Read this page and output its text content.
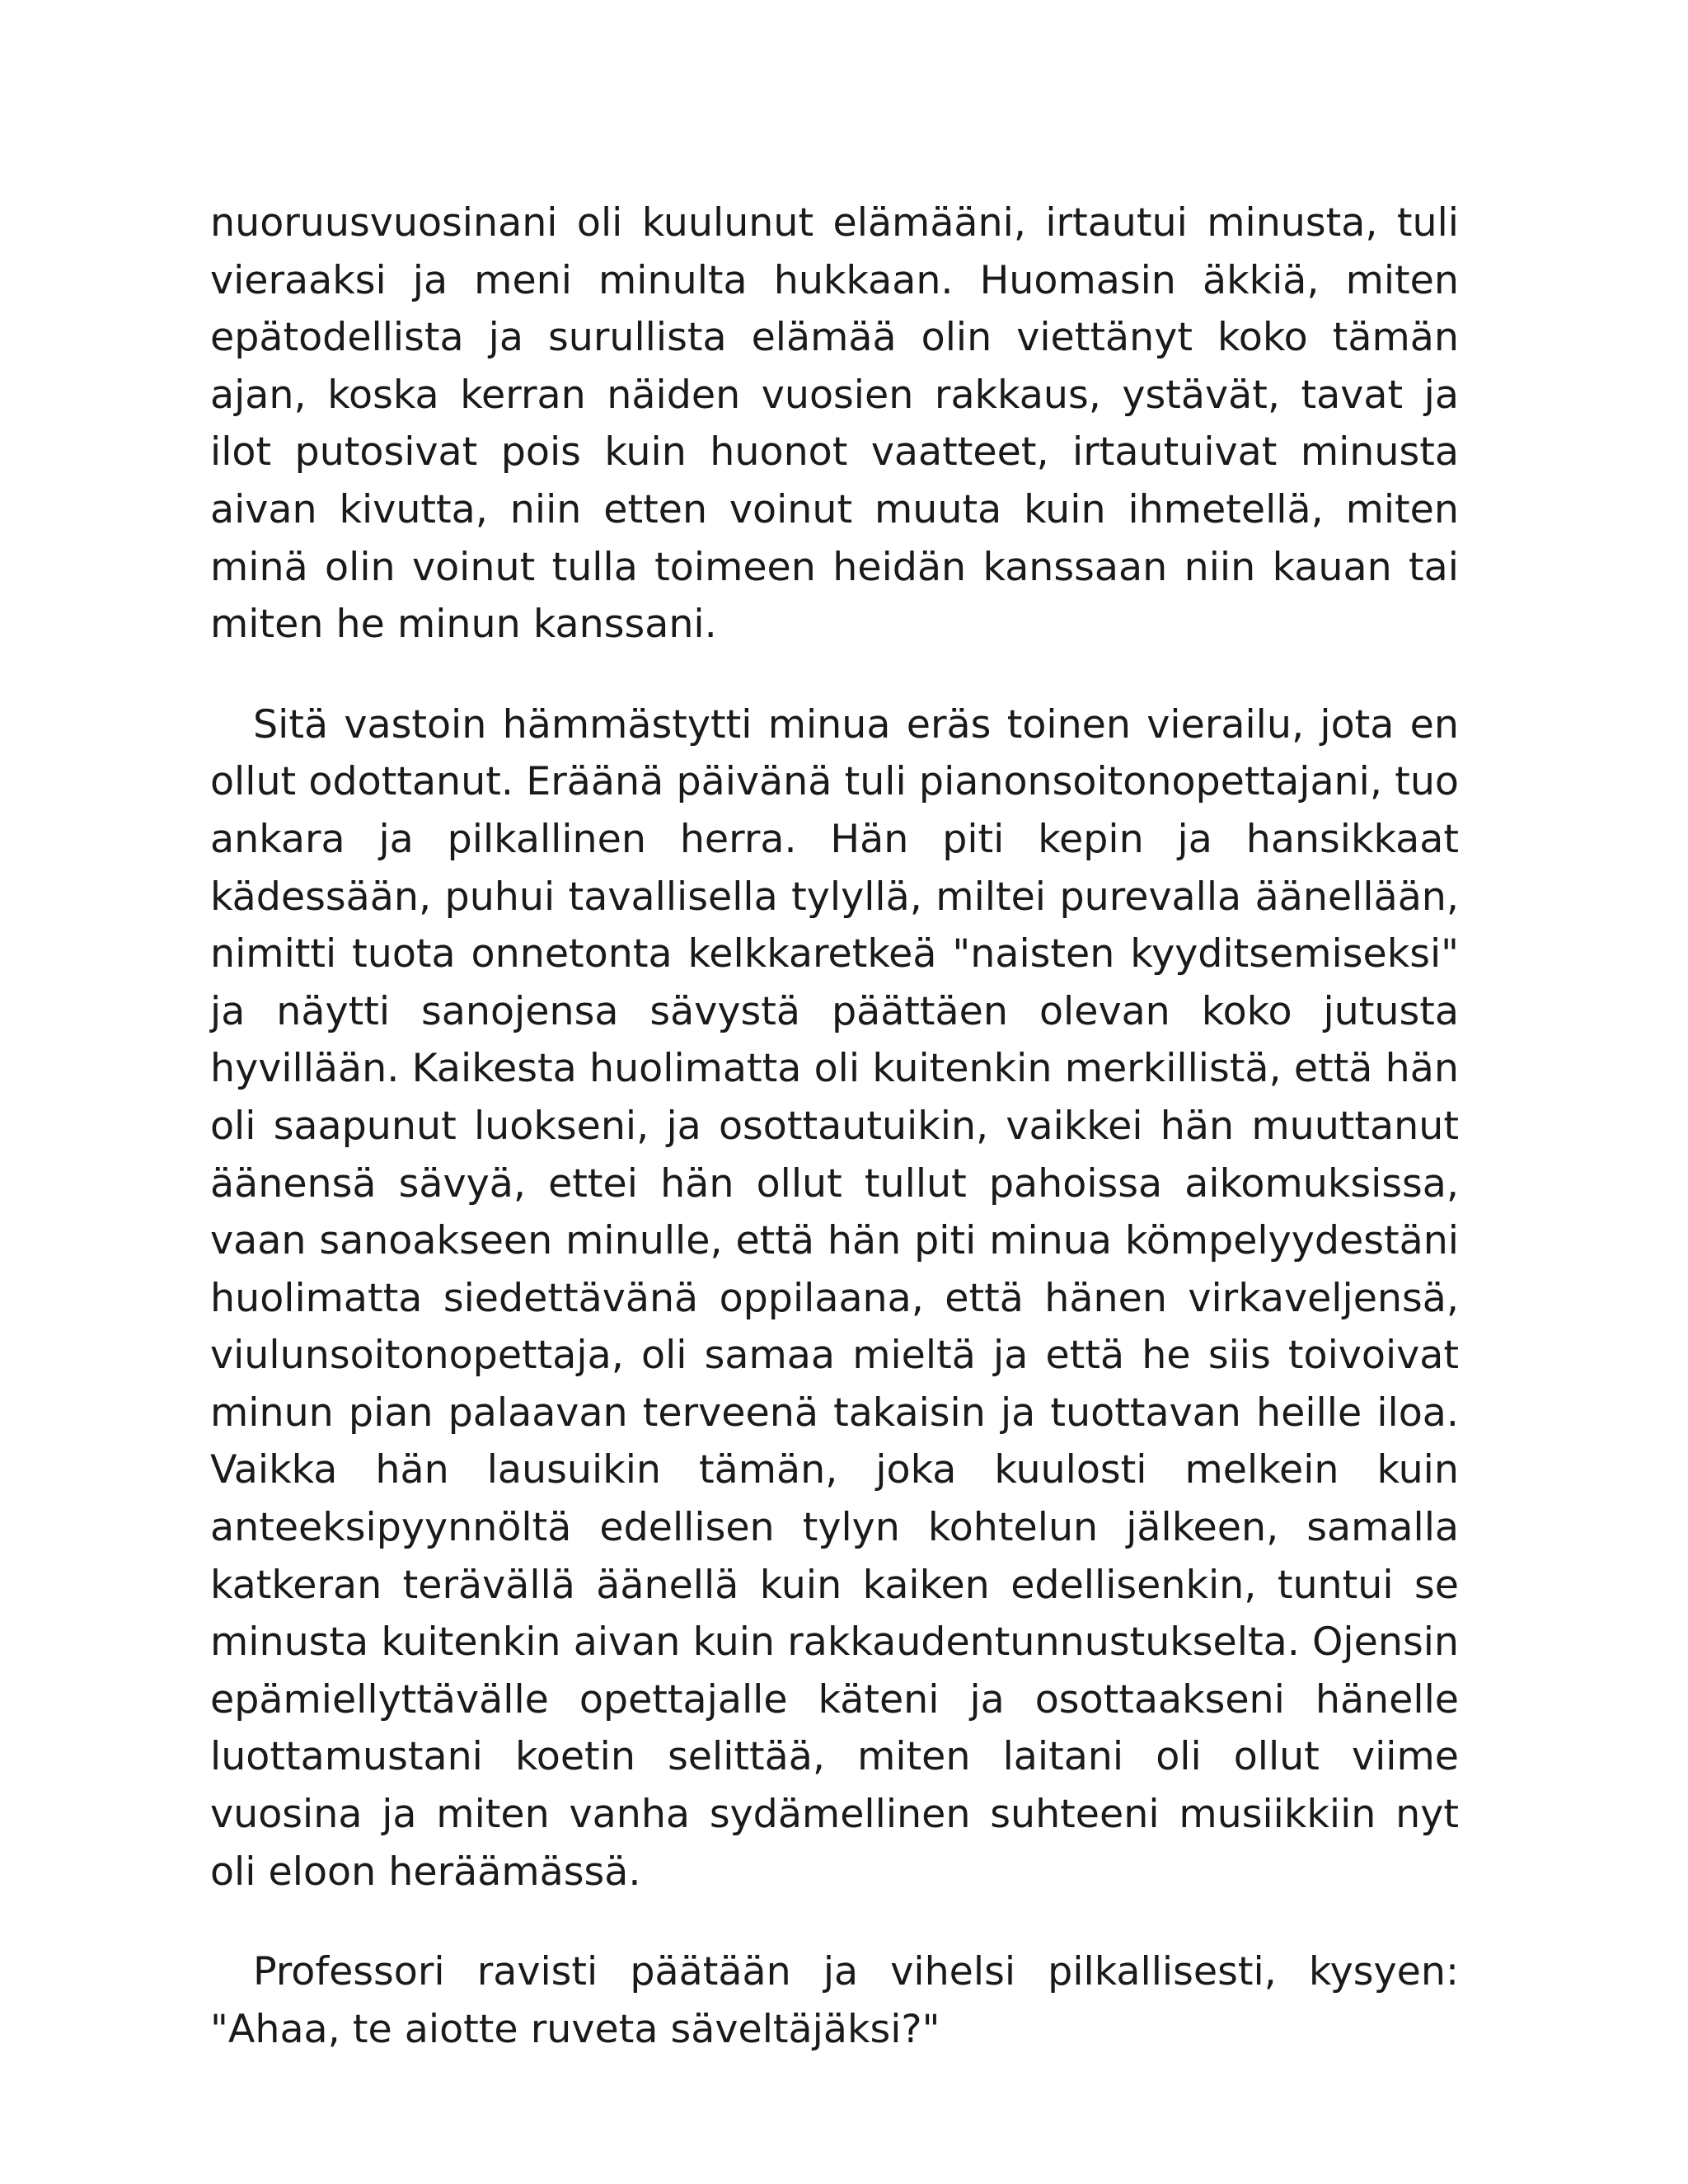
nuoruusvuosinani oli kuulunut elämääni, irtautui minusta, tuli vieraaksi ja meni minulta hukkaan. Huomasin äkkiä, miten epätodellista ja surullista elämää olin viettänyt koko tämän ajan, koska kerran näiden vuosien rakkaus, ystävät, tavat ja ilot putosivat pois kuin huonot vaatteet, irtautuivat minusta aivan kivutta, niin etten voinut muuta kuin ihmetellä, miten minä olin voinut tulla toimeen heidän kanssaan niin kauan tai miten he minun kanssani.

Sitä vastoin hämmästytti minua eräs toinen vierailu, jota en ollut odottanut. Eräänä päivänä tuli pianonsoitonopettajani, tuo ankara ja pilkallinen herra. Hän piti kepin ja hansikkaat kädessään, puhui tavallisella tylyllä, miltei purevalla äänellään, nimitti tuota onnetonta kelkkaretkeä "naisten kyyditsemiseksi" ja näytti sanojensa sävystä päättäen olevan koko jutusta hyvillään. Kaikesta huolimatta oli kuitenkin merkillistä, että hän oli saapunut luokseni, ja osottautuikin, vaikkei hän muuttanut äänensä sävyä, ettei hän ollut tullut pahoissa aikomuksissa, vaan sanoakseen minulle, että hän piti minua kömpelyydestäni huolimatta siedettävänä oppilaana, että hänen virkaveljensä, viulunsoitonopettaja, oli samaa mieltä ja että he siis toivoivat minun pian palaavan terveenä takaisin ja tuottavan heille iloa. Vaikka hän lausuikin tämän, joka kuulosti melkein kuin anteeksipyynnöltä edellisen tylyn kohtelun jälkeen, samalla katkeran terävällä äänellä kuin kaiken edellisenkin, tuntui se minusta kuitenkin aivan kuin rakkaudentunnustukselta. Ojensin epämiellyttävälle opettajalle käteni ja osottaakseni hänelle luottamustani koetin selittää, miten laitani oli ollut viime vuosina ja miten vanha sydämellinen suhteeni musiikkiin nyt oli eloon heräämässä.

Professori ravisti päätään ja vihelsi pilkallisesti, kysyen: "Ahaa, te aiotte ruveta säveltäjäksi?"
